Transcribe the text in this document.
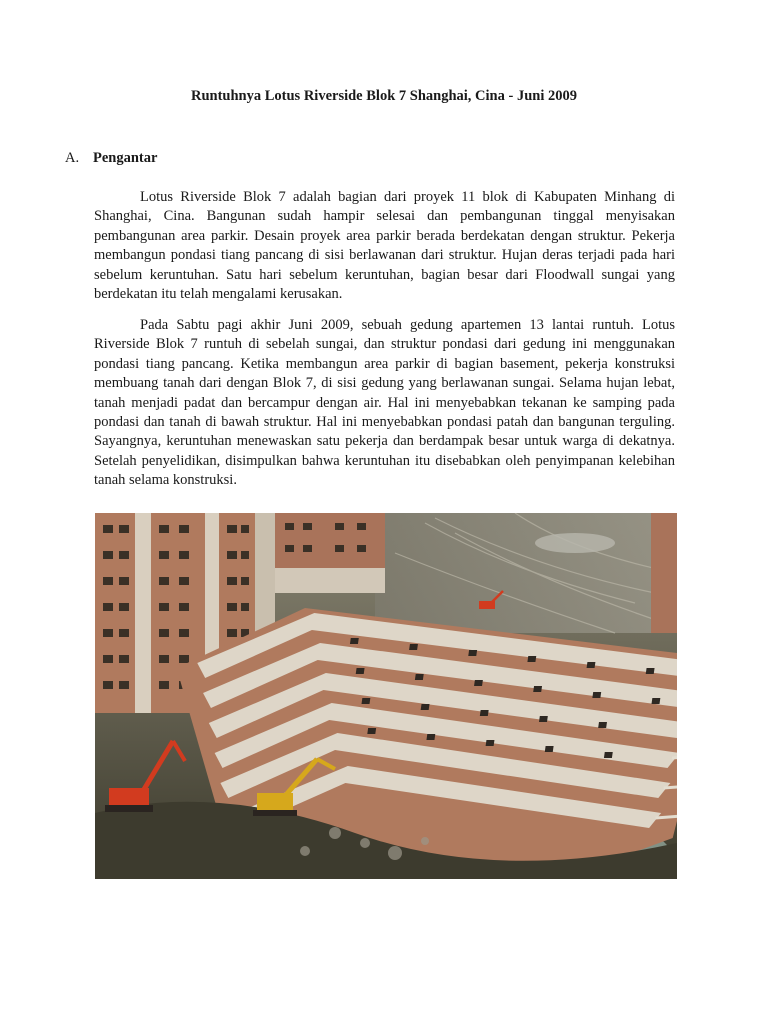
Runtuhnya Lotus Riverside Blok 7 Shanghai, Cina - Juni 2009
A. Pengantar

Lotus Riverside Blok 7 adalah bagian dari proyek 11 blok di Kabupaten Minhang di Shanghai, Cina. Bangunan sudah hampir selesai dan pembangunan tinggal menyisakan pembangunan area parkir. Desain proyek area parkir berada berdekatan dengan struktur. Pekerja membangun pondasi tiang pancang di sisi berlawanan dari struktur. Hujan deras terjadi pada hari sebelum keruntuhan. Satu hari sebelum keruntuhan, bagian besar dari Floodwall sungai yang berdekatan itu telah mengalami kerusakan.

Pada Sabtu pagi akhir Juni 2009, sebuah gedung apartemen 13 lantai runtuh. Lotus Riverside Blok 7 runtuh di sebelah sungai, dan struktur pondasi dari gedung ini menggunakan pondasi tiang pancang. Ketika membangun area parkir di bagian basement, pekerja konstruksi membuang tanah dari dengan Blok 7, di sisi gedung yang berlawanan sungai. Selama hujan lebat, tanah menjadi padat dan bercampur dengan air. Hal ini menyebabkan tekanan ke samping pada pondasi dan tanah di bawah struktur. Hal ini menyebabkan pondasi patah dan bangunan terguling. Sayangnya, keruntuhan menewaskan satu pekerja dan berdampak besar untuk warga di dekatnya. Setelah penyelidikan, disimpulkan bahwa keruntuhan itu disebabkan oleh penyimpanan kelebihan tanah selama konstruksi.
